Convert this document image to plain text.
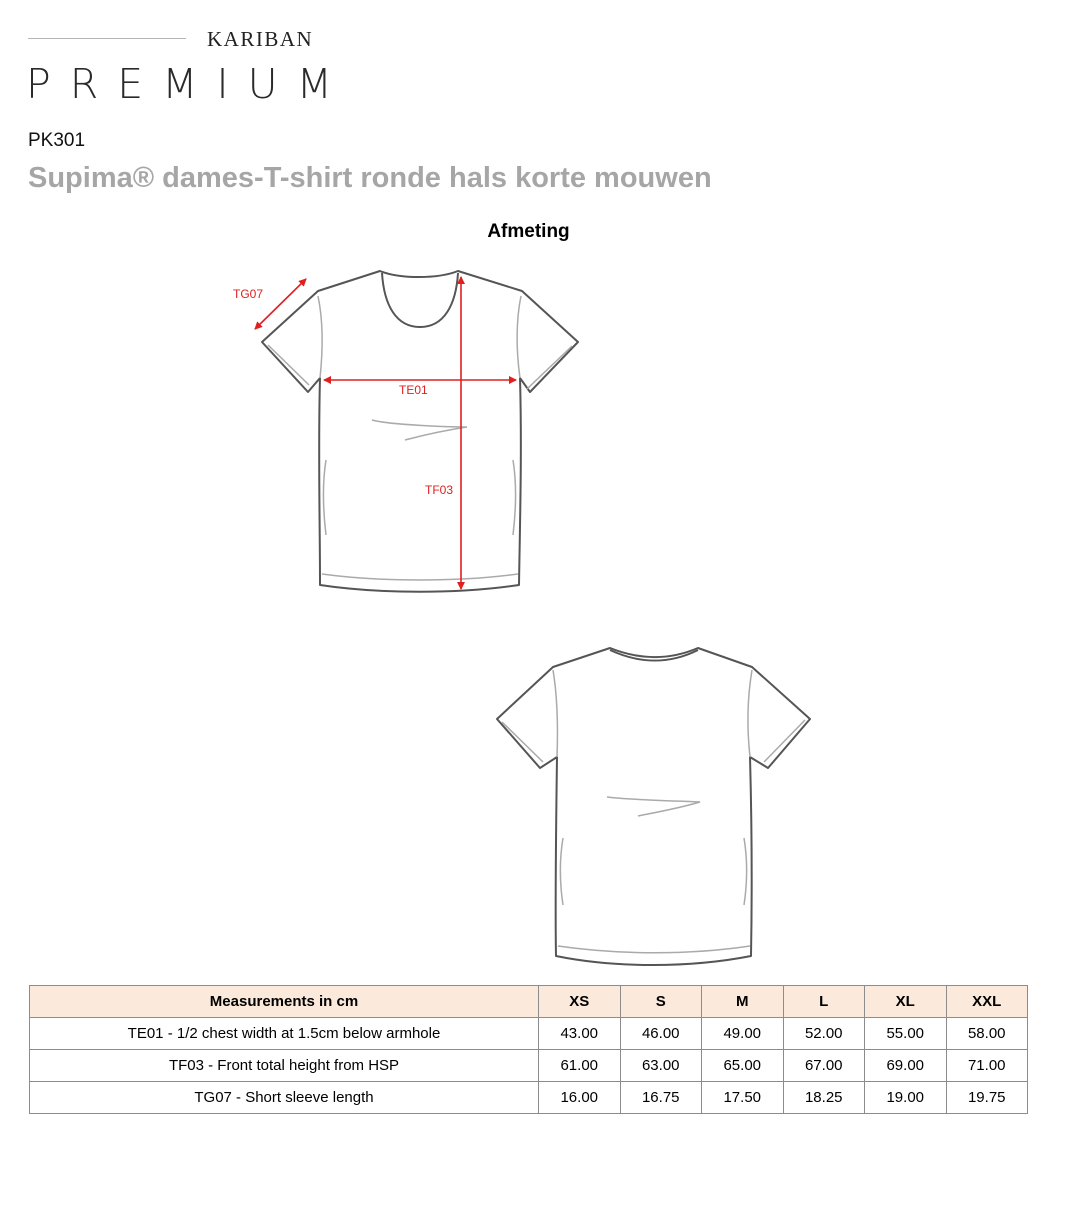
KARIBAN
PREMIUM
PK301
Supima® dames-T-shirt ronde hals korte mouwen
Afmeting
TG07
TE01
TF03
Measurements in cm	XS	S	M	L	XL	XXL
TE01 - 1/2 chest width at 1.5cm below armhole	43.00	46.00	49.00	52.00	55.00	58.00
TF03 - Front total height from HSP	61.00	63.00	65.00	67.00	69.00	71.00
TG07 - Short sleeve length	16.00	16.75	17.50	18.25	19.00	19.75
